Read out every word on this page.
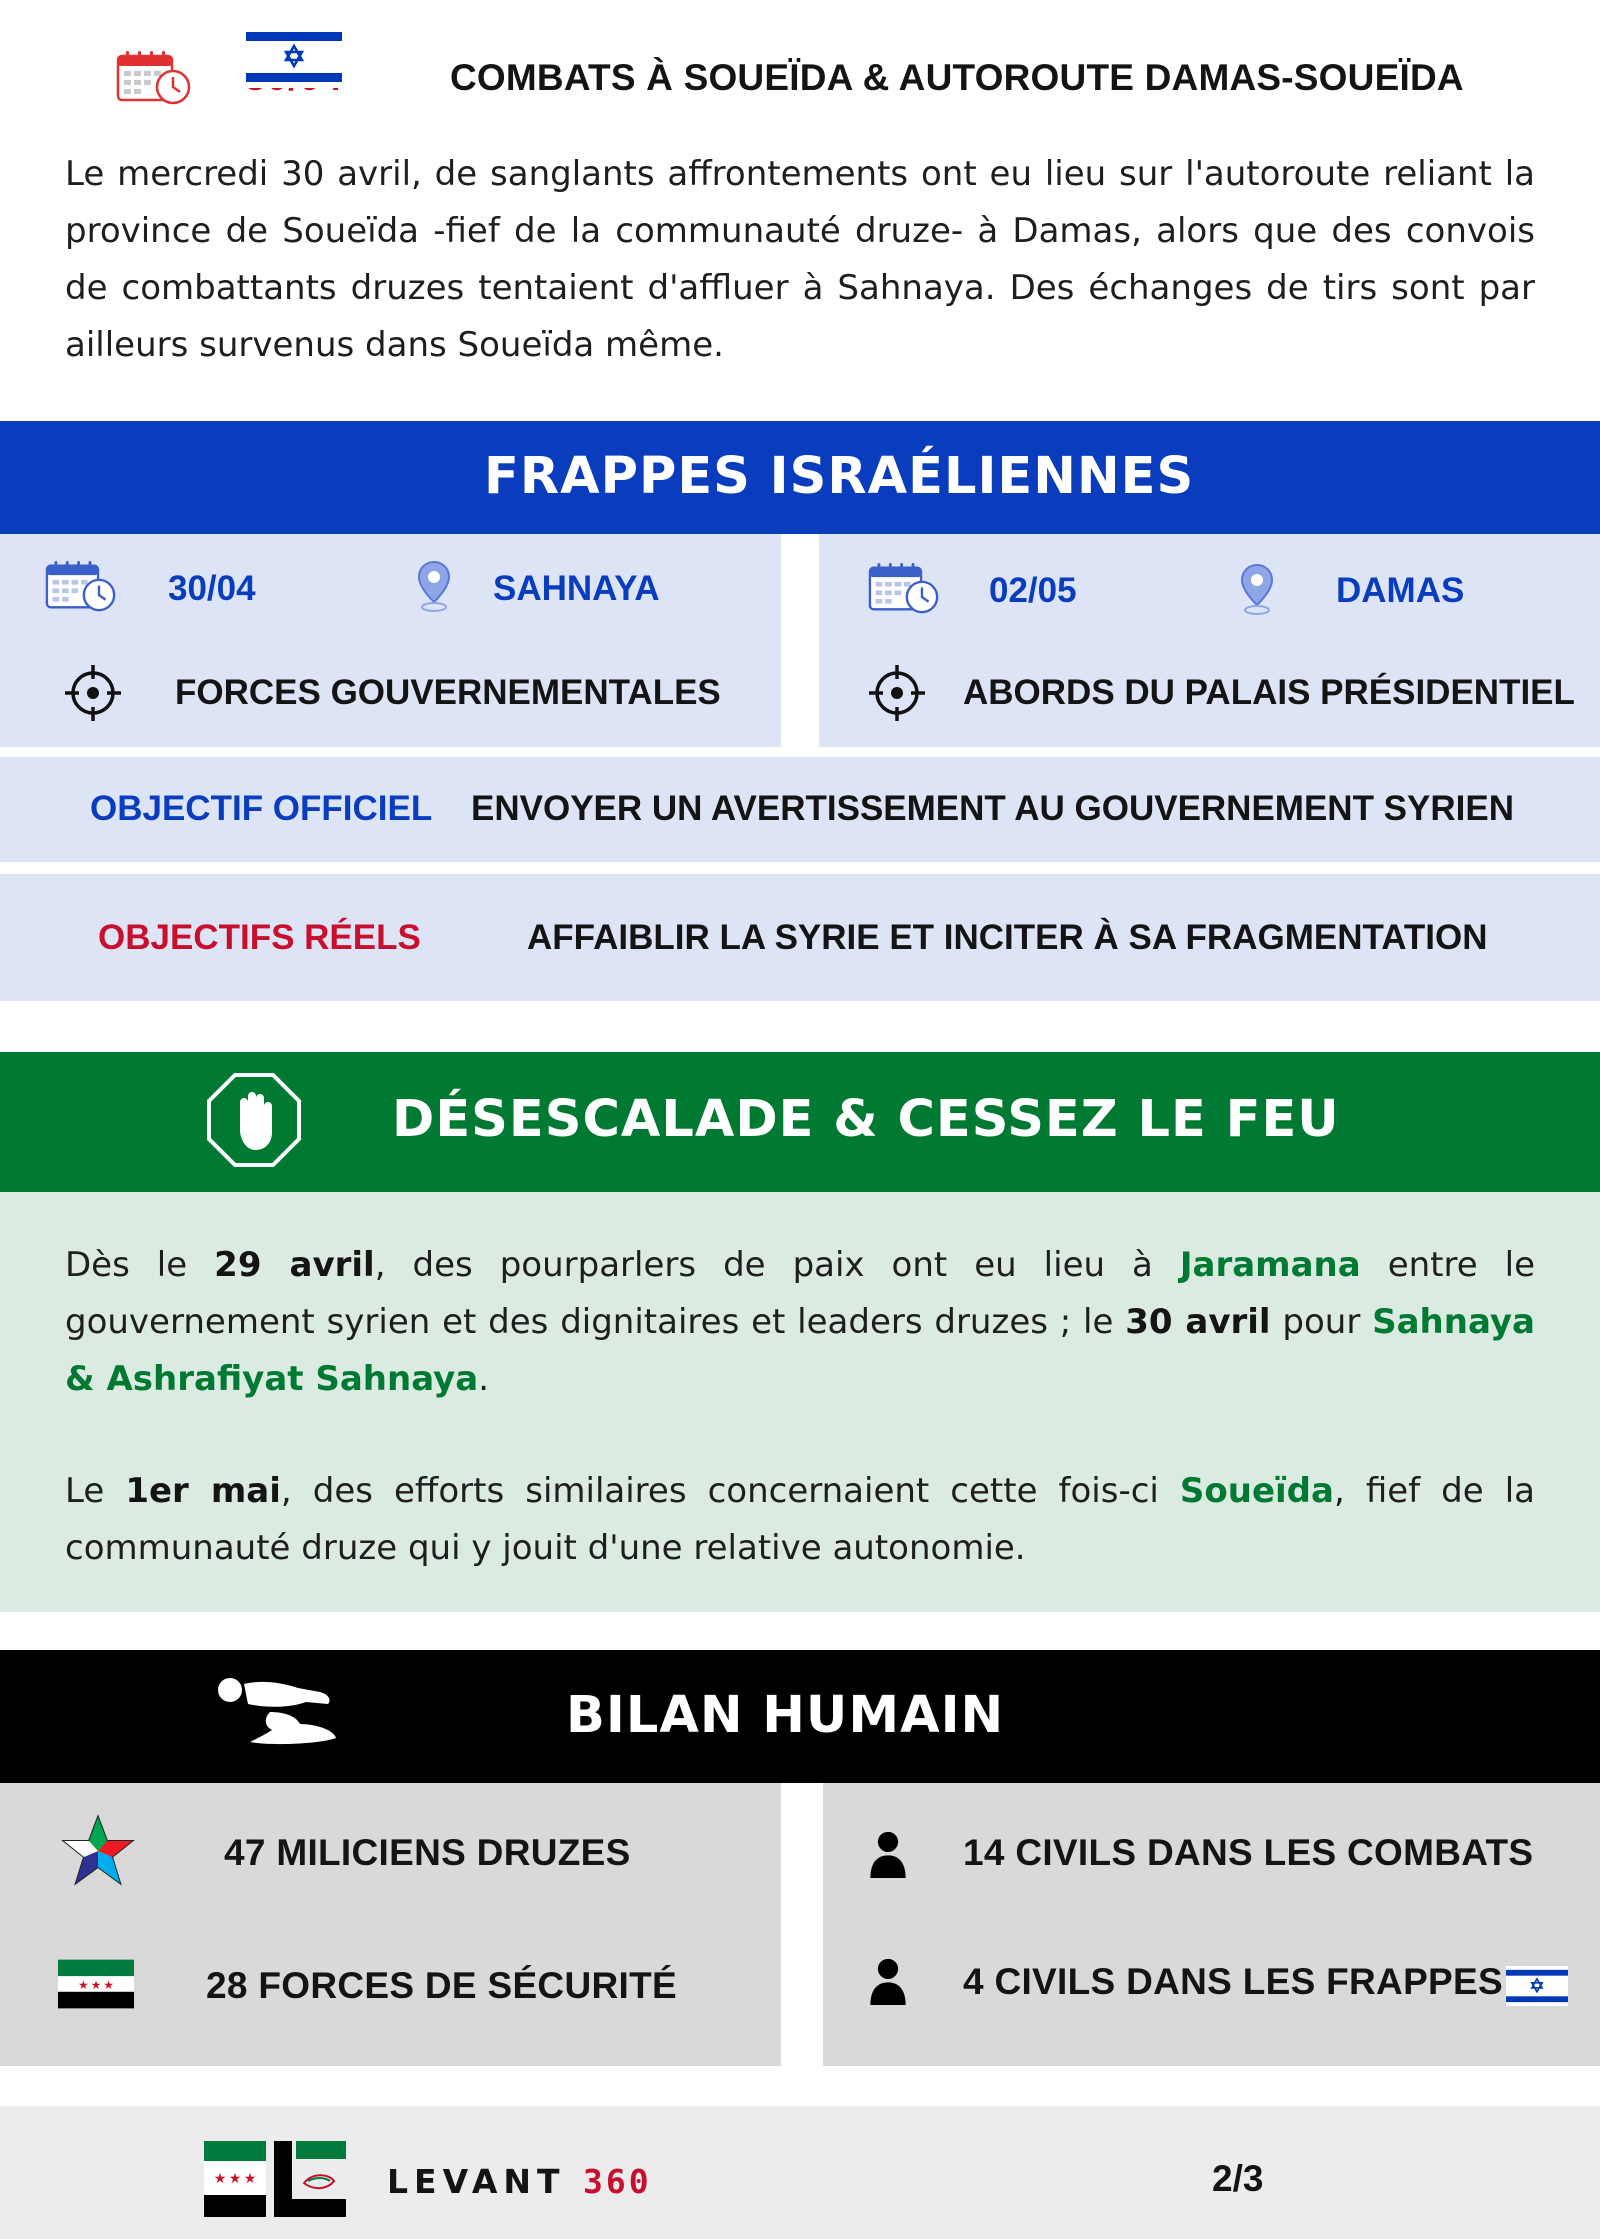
COMBATS À SOUEÏDA & AUTOROUTE DAMAS-SOUEÏDA
Le mercredi 30 avril, de sanglants affrontements ont eu lieu sur l'autoroute reliant la province de Soueïda -fief de la communauté druze- à Damas, alors que des convois de combattants druzes tentaient d'affluer à Sahnaya. Des échanges de tirs sont par ailleurs survenus dans Soueïda même.
FRAPPES ISRAÉLIENNES
30/04	SAHNAYA
FORCES GOUVERNEMENTALES
02/05	DAMAS
ABORDS DU PALAIS PRÉSIDENTIEL
OBJECTIF OFFICIEL ENVOYER UN AVERTISSEMENT AU GOUVERNEMENT SYRIEN
OBJECTIFS RÉELS	AFFAIBLIR LA SYRIE ET INCITER À SA FRAGMENTATION
DÉSESCALADE & CESSEZ LE FEU
Dès le 29 avril, des pourparlers de paix ont eu lieu à Jaramana entre le gouvernement syrien et des dignitaires et leaders druzes ; le 30 avril pour Sahnaya & Ashrafiyat Sahnaya.
Le 1er mai, des efforts similaires concernaient cette fois-ci Soueïda, fief de la communauté druze qui y jouit d'une relative autonomie.
BILAN HUMAIN
47 MILICIENS DRUZES
28 FORCES DE SÉCURITÉ
14 CIVILS DANS LES COMBATS
4 CIVILS DANS LES FRAPPES
★ ★ ★	LEVANT 360	2/3
